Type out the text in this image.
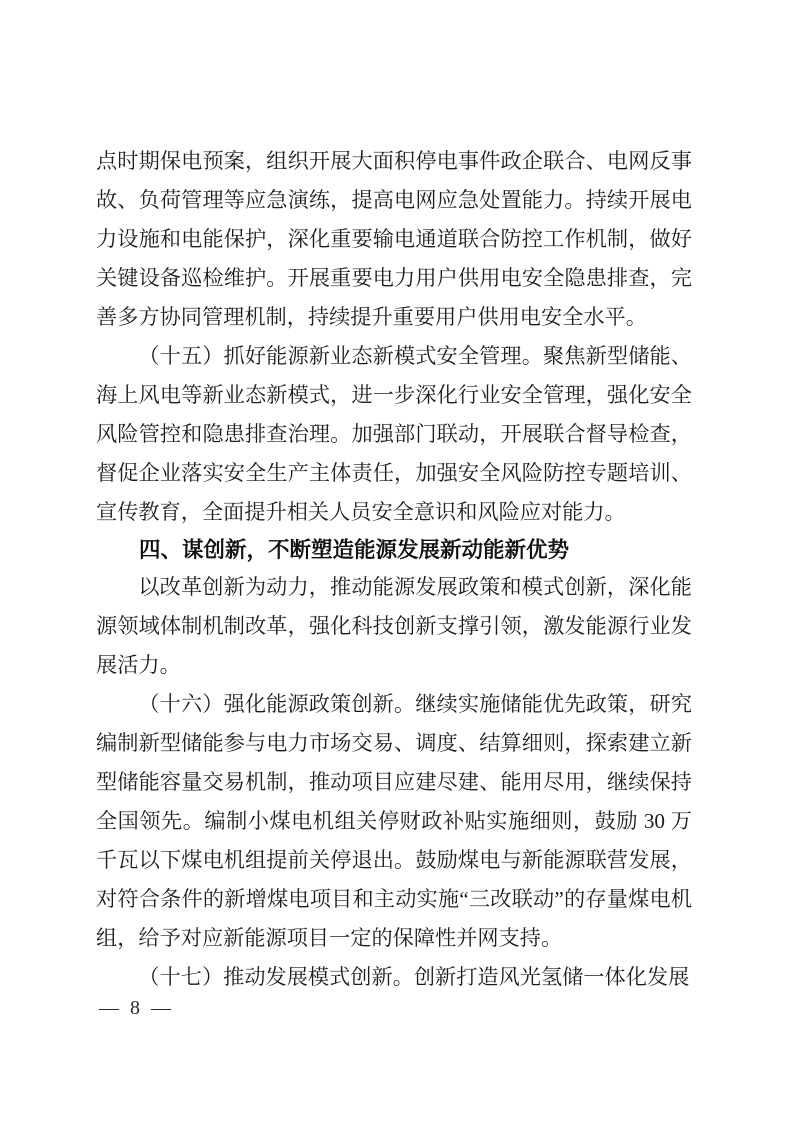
点时期保电预案，组织开展大面积停电事件政企联合、电网反事故、负荷管理等应急演练，提高电网应急处置能力。持续开展电力设施和电能保护，深化重要输电通道联合防控工作机制，做好关键设备巡检维护。开展重要电力用户供用电安全隐患排查，完善多方协同管理机制，持续提升重要用户供用电安全水平。

（十五）抓好能源新业态新模式安全管理。聚焦新型储能、海上风电等新业态新模式，进一步深化行业安全管理，强化安全风险管控和隐患排查治理。加强部门联动，开展联合督导检查，督促企业落实安全生产主体责任，加强安全风险防控专题培训、宣传教育，全面提升相关人员安全意识和风险应对能力。

四、谋创新，不断塑造能源发展新动能新优势

以改革创新为动力，推动能源发展政策和模式创新，深化能源领域体制机制改革，强化科技创新支撑引领，激发能源行业发展活力。

（十六）强化能源政策创新。继续实施储能优先政策，研究编制新型储能参与电力市场交易、调度、结算细则，探索建立新型储能容量交易机制，推动项目应建尽建、能用尽用，继续保持全国领先。编制小煤电机组关停财政补贴实施细则，鼓励 30 万千瓦以下煤电机组提前关停退出。鼓励煤电与新能源联营发展，对符合条件的新增煤电项目和主动实施“三改联动”的存量煤电机组，给予对应新能源项目一定的保障性并网支持。

（十七）推动发展模式创新。创新打造风光氢储一体化发展

— 8 —
